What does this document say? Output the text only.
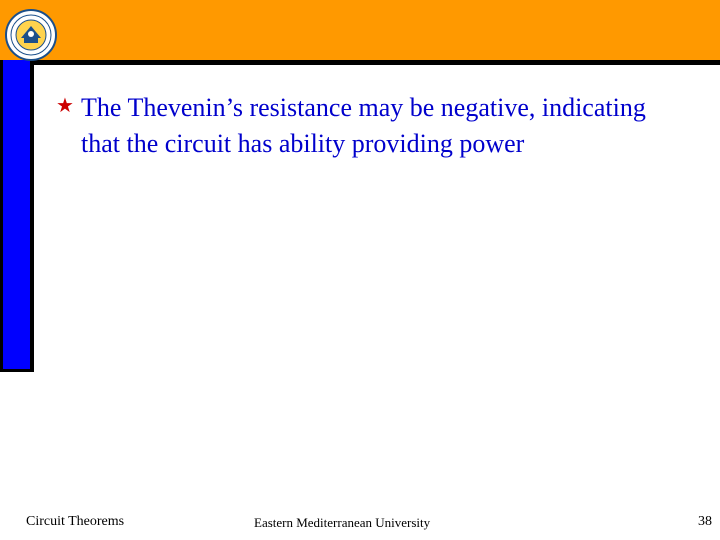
★ The Thevenin’s resistance may be negative, indicating that the circuit has ability providing power
Circuit Theorems	Eastern Mediterranean University	38
